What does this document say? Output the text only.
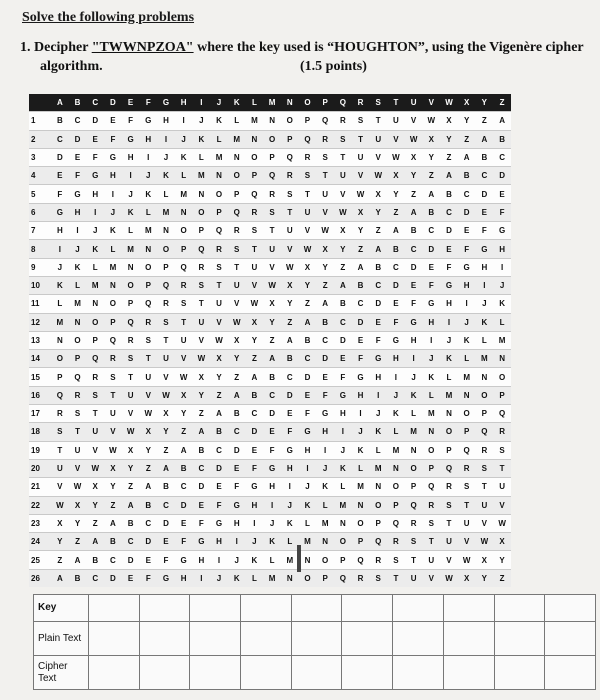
Solve the following problems
1. Decipher "TWWNPZOA" where the key used is “HOUGHTON”, using the Vigenère cipher
algorithm.	(1.5 points)
	A	B	C	D	E	F	G	H	I	J	K	L	M	N	O	P	Q	R	S	T	U	V	W	X	Y	Z
1	B	C	D	E	F	G	H	I	J	K	L	M	N	O	P	Q	R	S	T	U	V	W	X	Y	Z	A
2	C	D	E	F	G	H	I	J	K	L	M	N	O	P	Q	R	S	T	U	V	W	X	Y	Z	A	B
3	D	E	F	G	H	I	J	K	L	M	N	O	P	Q	R	S	T	U	V	W	X	Y	Z	A	B	C
4	E	F	G	H	I	J	K	L	M	N	O	P	Q	R	S	T	U	V	W	X	Y	Z	A	B	C	D
5	F	G	H	I	J	K	L	M	N	O	P	Q	R	S	T	U	V	W	X	Y	Z	A	B	C	D	E
6	G	H	I	J	K	L	M	N	O	P	Q	R	S	T	U	V	W	X	Y	Z	A	B	C	D	E	F
7	H	I	J	K	L	M	N	O	P	Q	R	S	T	U	V	W	X	Y	Z	A	B	C	D	E	F	G
8	I	J	K	L	M	N	O	P	Q	R	S	T	U	V	W	X	Y	Z	A	B	C	D	E	F	G	H
9	J	K	L	M	N	O	P	Q	R	S	T	U	V	W	X	Y	Z	A	B	C	D	E	F	G	H	I
10	K	L	M	N	O	P	Q	R	S	T	U	V	W	X	Y	Z	A	B	C	D	E	F	G	H	I	J
11	L	M	N	O	P	Q	R	S	T	U	V	W	X	Y	Z	A	B	C	D	E	F	G	H	I	J	K
12	M	N	O	P	Q	R	S	T	U	V	W	X	Y	Z	A	B	C	D	E	F	G	H	I	J	K	L
13	N	O	P	Q	R	S	T	U	V	W	X	Y	Z	A	B	C	D	E	F	G	H	I	J	K	L	M
14	O	P	Q	R	S	T	U	V	W	X	Y	Z	A	B	C	D	E	F	G	H	I	J	K	L	M	N
15	P	Q	R	S	T	U	V	W	X	Y	Z	A	B	C	D	E	F	G	H	I	J	K	L	M	N	O
16	Q	R	S	T	U	V	W	X	Y	Z	A	B	C	D	E	F	G	H	I	J	K	L	M	N	O	P
17	R	S	T	U	V	W	X	Y	Z	A	B	C	D	E	F	G	H	I	J	K	L	M	N	O	P	Q
18	S	T	U	V	W	X	Y	Z	A	B	C	D	E	F	G	H	I	J	K	L	M	N	O	P	Q	R
19	T	U	V	W	X	Y	Z	A	B	C	D	E	F	G	H	I	J	K	L	M	N	O	P	Q	R	S
20	U	V	W	X	Y	Z	A	B	C	D	E	F	G	H	I	J	K	L	M	N	O	P	Q	R	S	T
21	V	W	X	Y	Z	A	B	C	D	E	F	G	H	I	J	K	L	M	N	O	P	Q	R	S	T	U
22	W	X	Y	Z	A	B	C	D	E	F	G	H	I	J	K	L	M	N	O	P	Q	R	S	T	U	V
23	X	Y	Z	A	B	C	D	E	F	G	H	I	J	K	L	M	N	O	P	Q	R	S	T	U	V	W
24	Y	Z	A	B	C	D	E	F	G	H	I	J	K	L	M	N	O	P	Q	R	S	T	U	V	W	X
25	Z	A	B	C	D	E	F	G	H	I	J	K	L	M	N	O	P	Q	R	S	T	U	V	W	X	Y
26	A	B	C	D	E	F	G	H	I	J	K	L	M	N	O	P	Q	R	S	T	U	V	W	X	Y	Z
Key										
Plain Text										
Cipher Text										
